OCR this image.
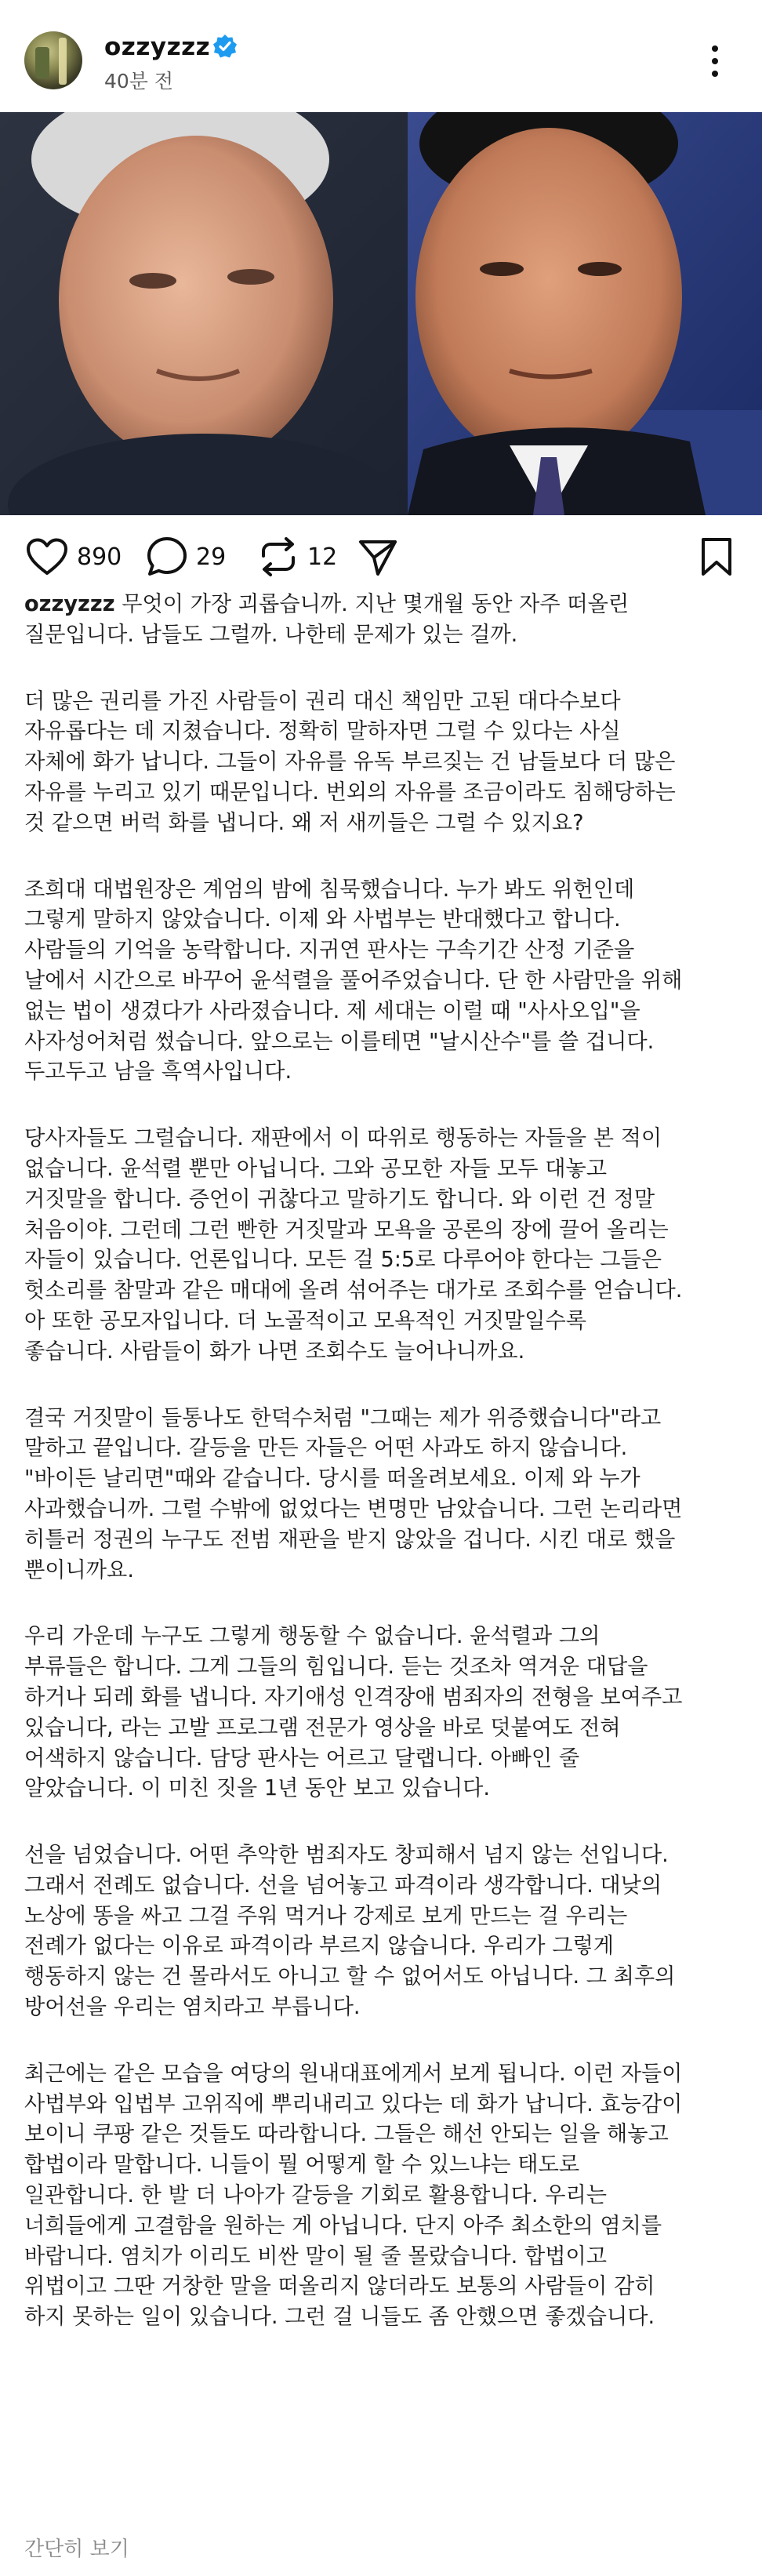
ozzyzzz
40분 전
890	29	12

ozzyzzz 무엇이 가장 괴롭습니까. 지난 몇개월 동안 자주 떠올린
질문입니다. 남들도 그럴까. 나한테 문제가 있는 걸까.

더 많은 권리를 가진 사람들이 권리 대신 책임만 고된 대다수보다
자유롭다는 데 지쳤습니다. 정확히 말하자면 그럴 수 있다는 사실
자체에 화가 납니다. 그들이 자유를 유독 부르짖는 건 남들보다 더 많은
자유를 누리고 있기 때문입니다. 번외의 자유를 조금이라도 침해당하는
것 같으면 버럭 화를 냅니다. 왜 저 새끼들은 그럴 수 있지요?

조희대 대법원장은 계엄의 밤에 침묵했습니다. 누가 봐도 위헌인데
그렇게 말하지 않았습니다. 이제 와 사법부는 반대했다고 합니다.
사람들의 기억을 농락합니다. 지귀연 판사는 구속기간 산정 기준을
날에서 시간으로 바꾸어 윤석렬을 풀어주었습니다. 단 한 사람만을 위해
없는 법이 생겼다가 사라졌습니다. 제 세대는 이럴 때 "사사오입"을
사자성어처럼 썼습니다. 앞으로는 이를테면 "날시산수"를 쓸 겁니다.
두고두고 남을 흑역사입니다.

당사자들도 그럴습니다. 재판에서 이 따위로 행동하는 자들을 본 적이
없습니다. 윤석렬 뿐만 아닙니다. 그와 공모한 자들 모두 대놓고
거짓말을 합니다. 증언이 귀찮다고 말하기도 합니다. 와 이런 건 정말
처음이야. 그런데 그런 빤한 거짓말과 모욕을 공론의 장에 끌어 올리는
자들이 있습니다. 언론입니다. 모든 걸 5:5로 다루어야 한다는 그들은
헛소리를 참말과 같은 매대에 올려 섞어주는 대가로 조회수를 얻습니다.
아 또한 공모자입니다. 더 노골적이고 모욕적인 거짓말일수록
좋습니다. 사람들이 화가 나면 조회수도 늘어나니까요.

결국 거짓말이 들통나도 한덕수처럼 "그때는 제가 위증했습니다"라고
말하고 끝입니다. 갈등을 만든 자들은 어떤 사과도 하지 않습니다.
"바이든 날리면"때와 같습니다. 당시를 떠올려보세요. 이제 와 누가
사과했습니까. 그럴 수밖에 없었다는 변명만 남았습니다. 그런 논리라면
히틀러 정권의 누구도 전범 재판을 받지 않았을 겁니다. 시킨 대로 했을
뿐이니까요.

우리 가운데 누구도 그렇게 행동할 수 없습니다. 윤석렬과 그의
부류들은 합니다. 그게 그들의 힘입니다. 듣는 것조차 역겨운 대답을
하거나 되레 화를 냅니다. 자기애성 인격장애 범죄자의 전형을 보여주고
있습니다, 라는 고발 프로그램 전문가 영상을 바로 덧붙여도 전혀
어색하지 않습니다. 담당 판사는 어르고 달랩니다. 아빠인 줄
알았습니다. 이 미친 짓을 1년 동안 보고 있습니다.

선을 넘었습니다. 어떤 추악한 범죄자도 창피해서 넘지 않는 선입니다.
그래서 전례도 없습니다. 선을 넘어놓고 파격이라 생각합니다. 대낮의
노상에 똥을 싸고 그걸 주워 먹거나 강제로 보게 만드는 걸 우리는
전례가 없다는 이유로 파격이라 부르지 않습니다. 우리가 그렇게
행동하지 않는 건 몰라서도 아니고 할 수 없어서도 아닙니다. 그 최후의
방어선을 우리는 염치라고 부릅니다.

최근에는 같은 모습을 여당의 원내대표에게서 보게 됩니다. 이런 자들이
사법부와 입법부 고위직에 뿌리내리고 있다는 데 화가 납니다. 효능감이
보이니 쿠팡 같은 것들도 따라합니다. 그들은 해선 안되는 일을 해놓고
합법이라 말합니다. 니들이 뭘 어떻게 할 수 있느냐는 태도로
일관합니다. 한 발 더 나아가 갈등을 기회로 활용합니다. 우리는
너희들에게 고결함을 원하는 게 아닙니다. 단지 아주 최소한의 염치를
바랍니다. 염치가 이리도 비싼 말이 될 줄 몰랐습니다. 합법이고
위법이고 그딴 거창한 말을 떠올리지 않더라도 보통의 사람들이 감히
하지 못하는 일이 있습니다. 그런 걸 니들도 좀 안했으면 좋겠습니다.

간단히 보기
